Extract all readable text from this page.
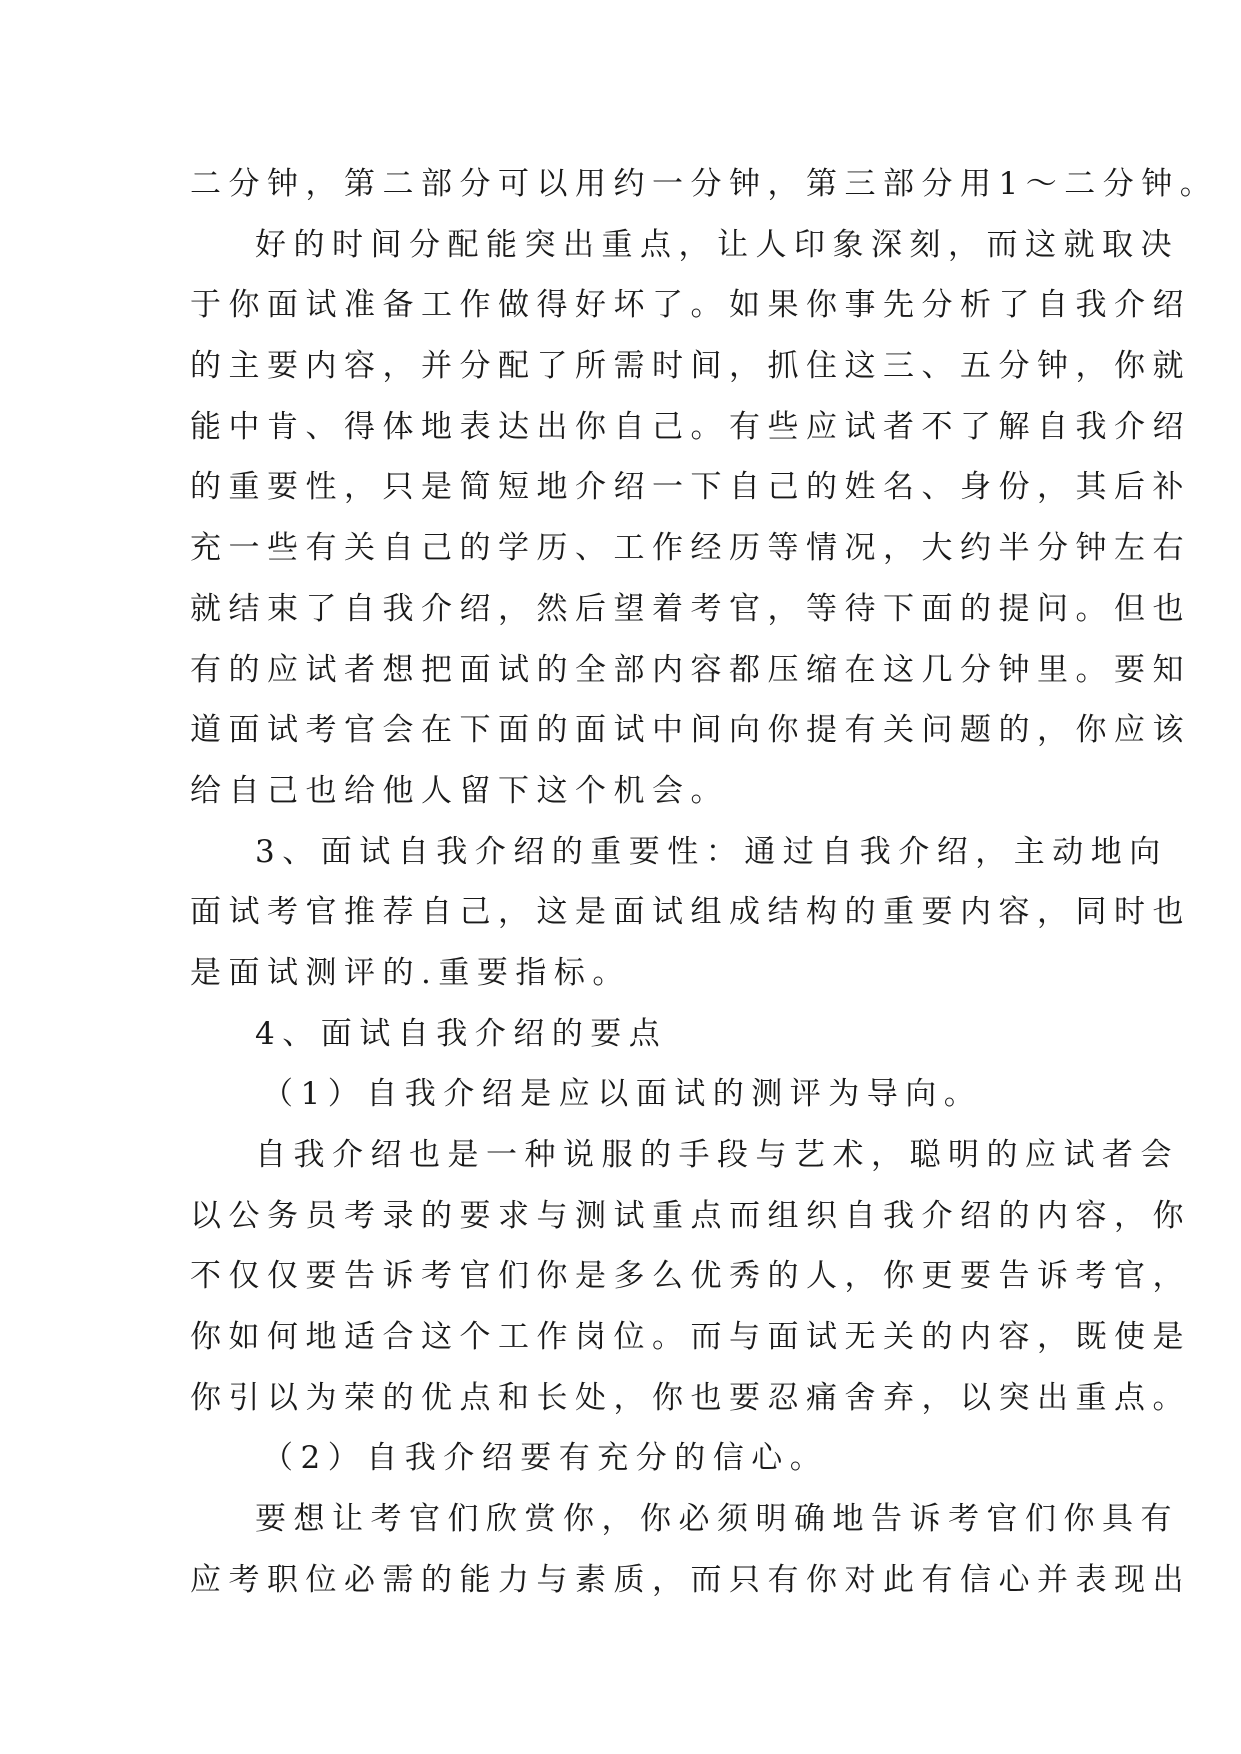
二分钟，第二部分可以用约一分钟，第三部分用1～二分钟。
好的时间分配能突出重点，让人印象深刻，而这就取决
于你面试准备工作做得好坏了。如果你事先分析了自我介绍
的主要内容，并分配了所需时间，抓住这三、五分钟，你就
能中肯、得体地表达出你自己。有些应试者不了解自我介绍
的重要性，只是简短地介绍一下自己的姓名、身份，其后补
充一些有关自己的学历、工作经历等情况，大约半分钟左右
就结束了自我介绍，然后望着考官，等待下面的提问。但也
有的应试者想把面试的全部内容都压缩在这几分钟里。要知
道面试考官会在下面的面试中间向你提有关问题的，你应该
给自己也给他人留下这个机会。
3、面试自我介绍的重要性：通过自我介绍，主动地向
面试考官推荐自己，这是面试组成结构的重要内容，同时也
是面试测评的.重要指标。
4、面试自我介绍的要点
（1）自我介绍是应以面试的测评为导向。
自我介绍也是一种说服的手段与艺术，聪明的应试者会
以公务员考录的要求与测试重点而组织自我介绍的内容，你
不仅仅要告诉考官们你是多么优秀的人，你更要告诉考官，
你如何地适合这个工作岗位。而与面试无关的内容，既使是
你引以为荣的优点和长处，你也要忍痛舍弃，以突出重点。
（2）自我介绍要有充分的信心。
要想让考官们欣赏你，你必须明确地告诉考官们你具有
应考职位必需的能力与素质，而只有你对此有信心并表现出
